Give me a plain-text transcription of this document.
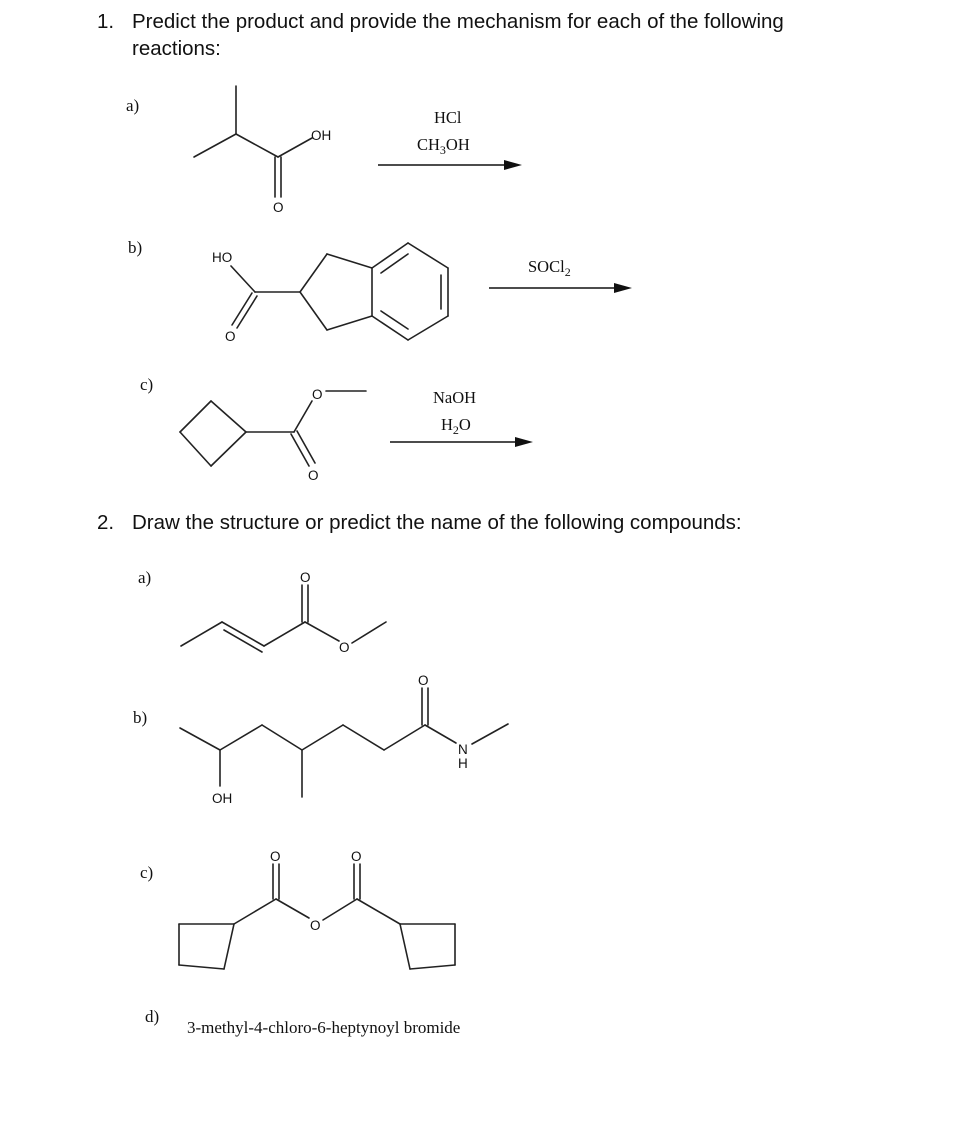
1. Predict the product and provide the mechanism for each of the following
reactions:
2. Draw the structure or predict the name of the following compounds:
a)
OH
O
HCl
$CH_3OH$
b)
HO
O
SOCl$_2$
c)
O
O
NaOH
$H_2O$
a)	O
O
b)
OH
O
N
H
c)
O
O
O
d)
3-methyl-4-chloro-6-heptynoyl bromide
